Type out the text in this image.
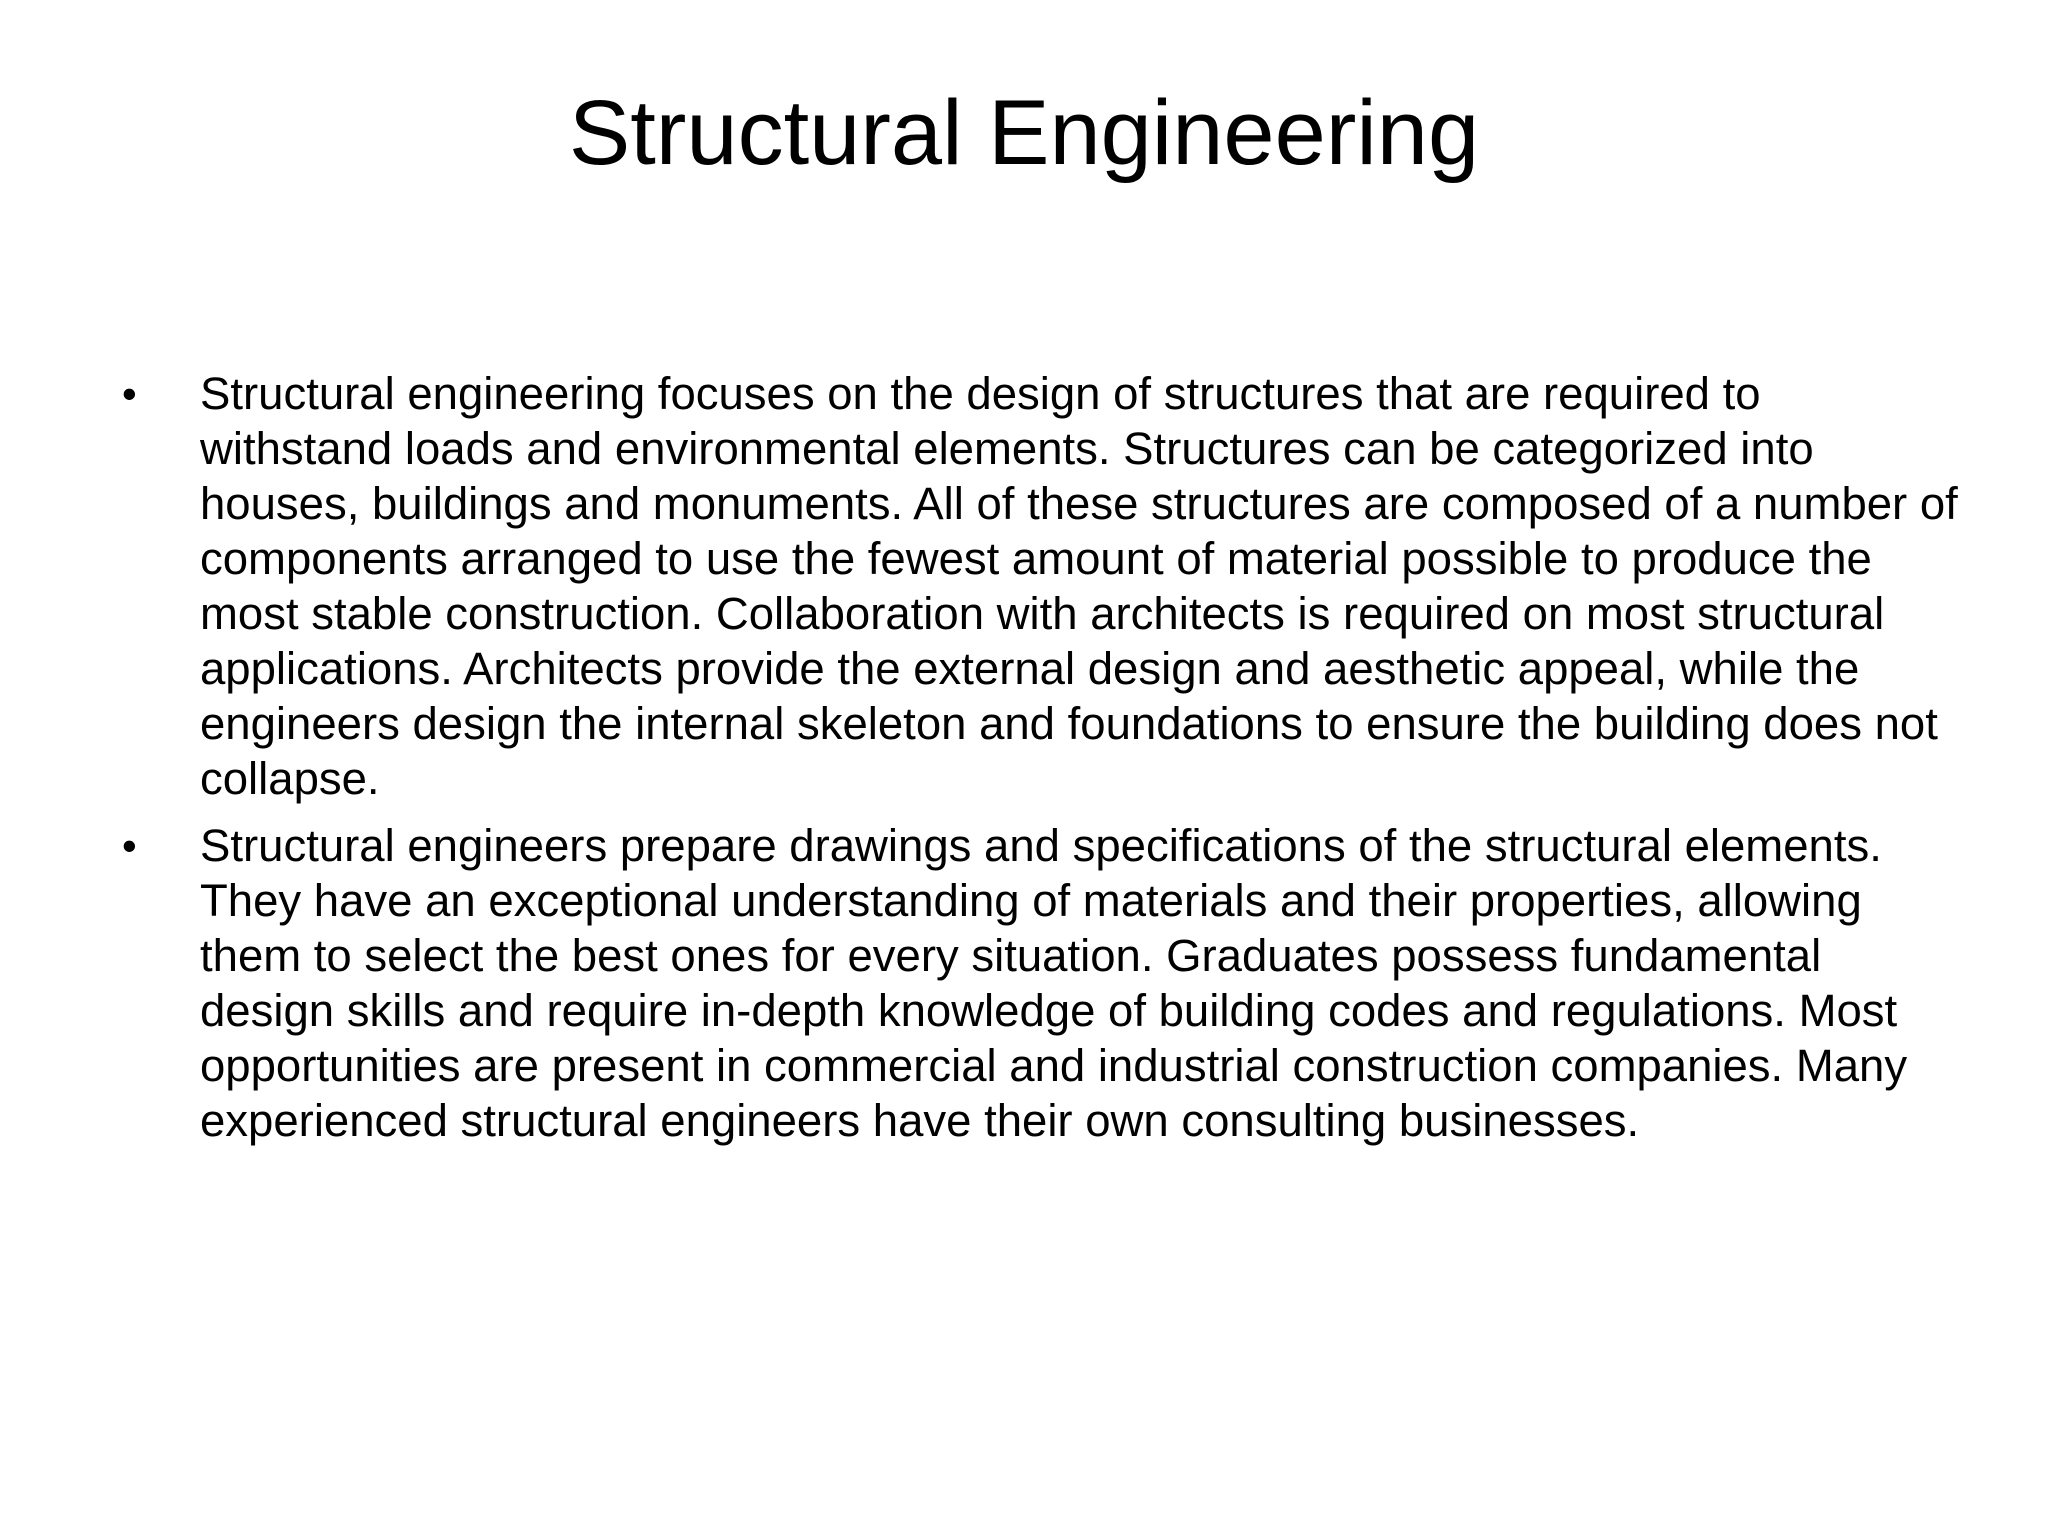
Structural Engineering
• Structural engineering focuses on the design of structures that are required to withstand loads and environmental elements. Structures can be categorized into houses, buildings and monuments. All of these structures are composed of a number of components arranged to use the fewest amount of material possible to produce the most stable construction. Collaboration with architects is required on most structural applications. Architects provide the external design and aesthetic appeal, while the engineers design the internal skeleton and foundations to ensure the building does not collapse.
• Structural engineers prepare drawings and specifications of the structural elements. They have an exceptional understanding of materials and their properties, allowing them to select the best ones for every situation. Graduates possess fundamental design skills and require in-depth knowledge of building codes and regulations. Most opportunities are present in commercial and industrial construction companies. Many experienced structural engineers have their own consulting businesses.
